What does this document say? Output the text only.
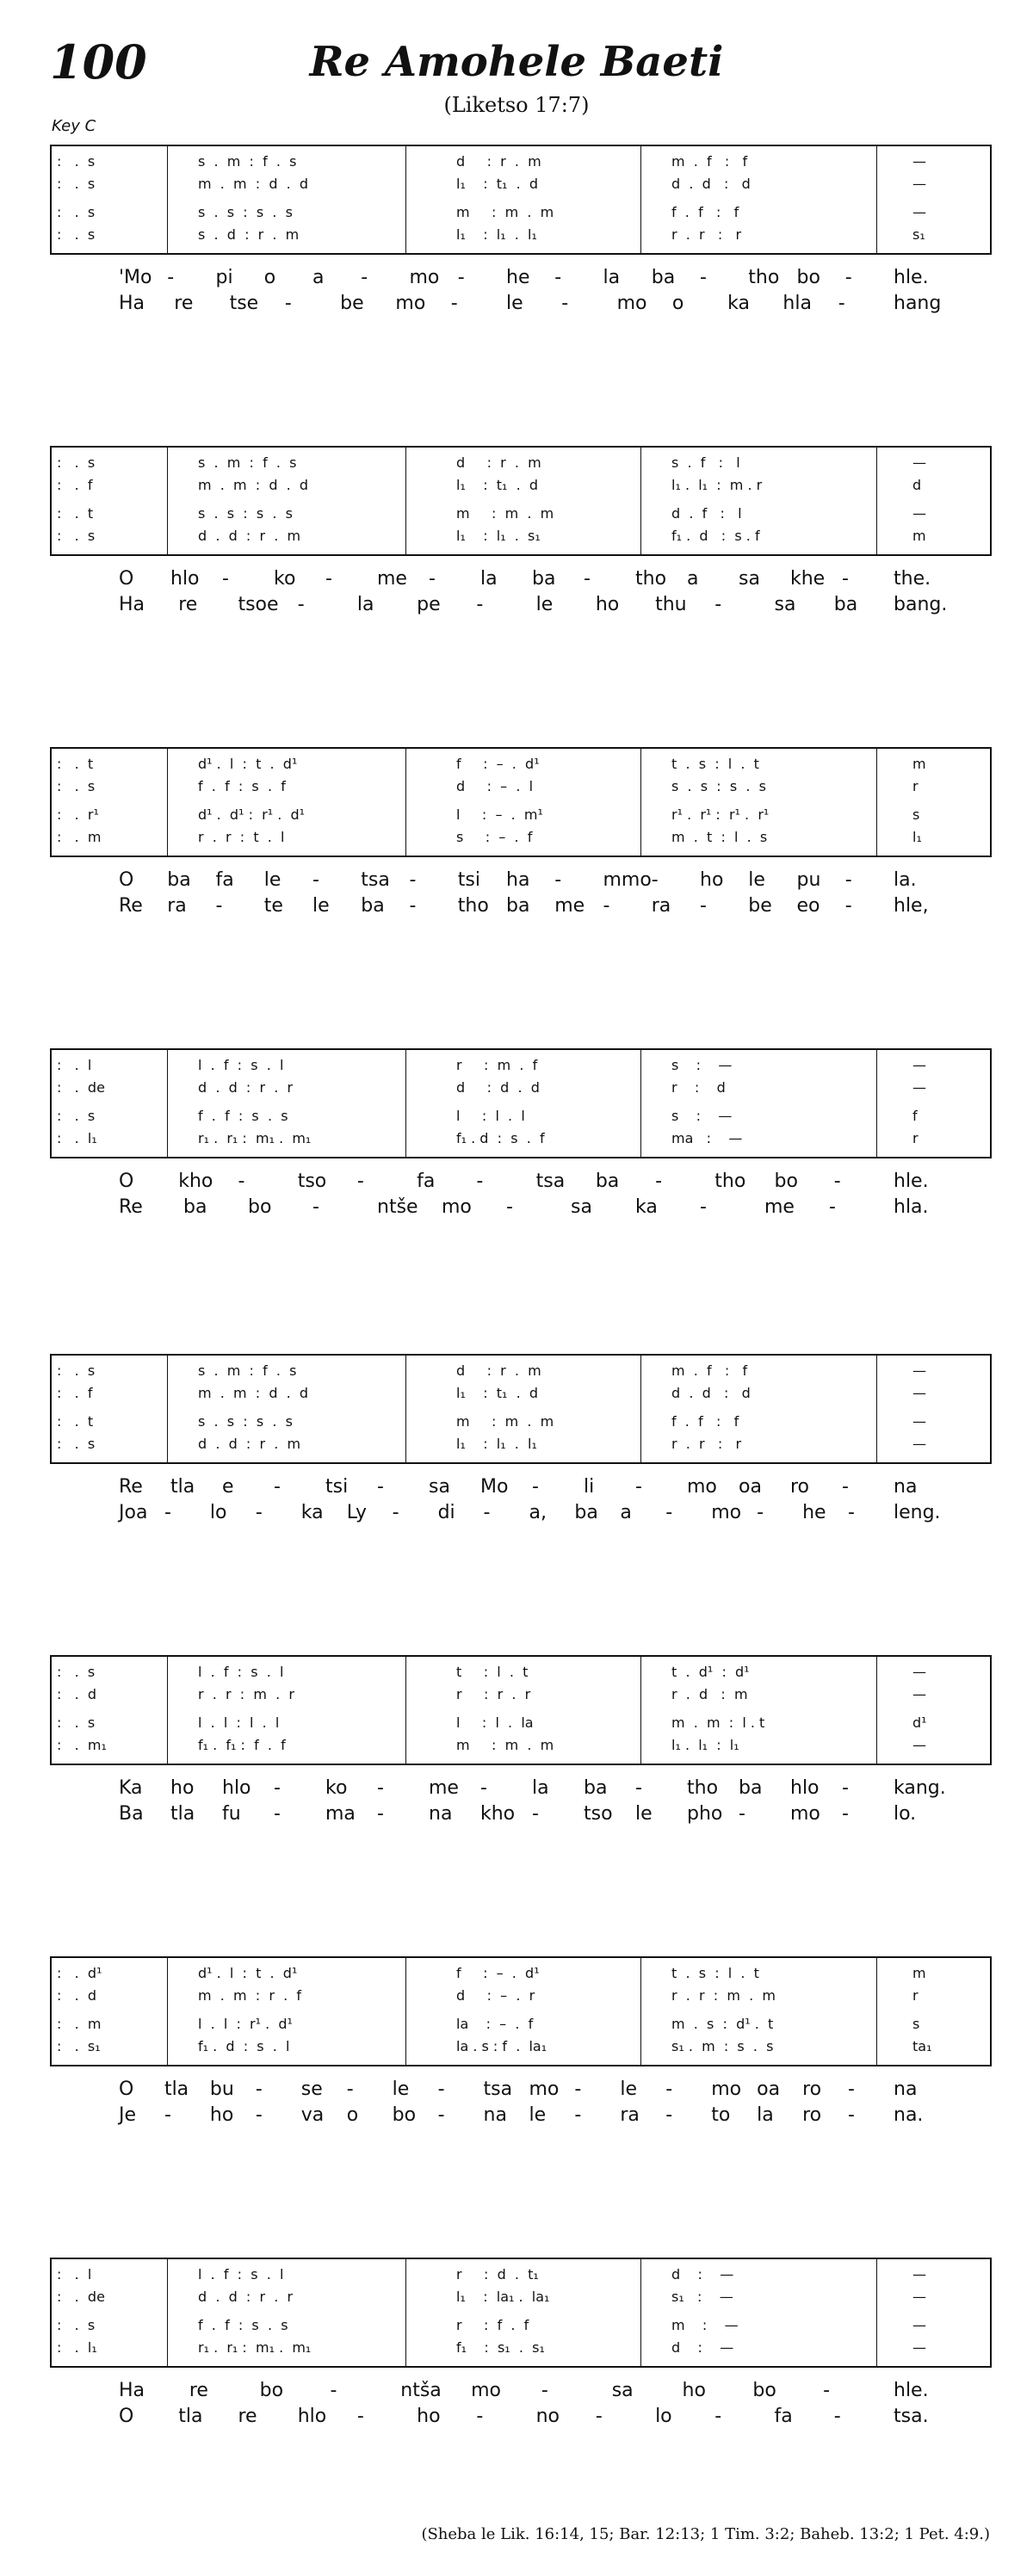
100	Re Amohele Baeti
(Liketso 17:7)
Key C
:   .  s	s  .  m  :  f  .  s	d     :  r  .  m	m  .  f   :   f	—
:   .  s	m  .  m  :  d  .  d	l₁    :  t₁  .  d	d  .  d   :   d	—
:   .  s	s  .  s  :  s  .  s	m     :  m  .  m	f  .  f   :   f	—
:   .  s	s  .  d  :  r  .  m	l₁    :  l₁  .  l₁	r  .  r   :   r	s₁
'Mo - pi o a - mo - he - la ba - tho bo - hle.
Ha re tse -	be mo -	le -	mo o ka hla -	hang
:   .  s	s  .  m  :  f  .  s	d     :  r  .  m	s  .  f   :   l	—
:   .  f	m  .  m  :  d  .  d	l₁    :  t₁  .  d	l₁ .  l₁  :  m . r	d
:   .  t	s  .  s  :  s  .  s	m     :  m  .  m	d  .  f   :   l	—
:   .  s	d  .  d  :  r  .  m	l₁    :  l₁  .  s₁	f₁ .  d   :  s . f	m
O hlo - ko - me - la ba - tho a sa khe - the.
Ha re tsoe -	la pe -	le ho thu -	sa ba bang.
:   .  t	d¹ .  l  :  t  .  d¹	f     :  –  .  d¹	t  .  s  :  l  .  t	m
:   .  s	f  .  f  :  s  .  f	d     :  –  .  l	s  .  s  :  s  .  s	r
:   .  r¹	d¹ .  d¹ :  r¹ .  d¹	l     :  –  .  m¹	r¹ .  r¹ :  r¹ .  r¹	s
:   .  m	r  .  r  :  t  .  l	s     :  –  .  f	m  .  t  :  l  .  s	l₁
O ba fa le - tsa - tsi ha - mmo - ho le pu - la.
Re ra - te le ba - tho ba me - ra - be eo - hle,
:   .  l	l  .  f  :  s  .  l	r     :  m  .  f	s    :    —	—
:   .  de	d  .  d  :  r  .  r	d     :  d  .  d	r    :    d	—
:   .  s	f  .  f  :  s  .  s	l     :  l  .  l	s    :    —	f
:   .  l₁	r₁ .  r₁ :  m₁ .  m₁	f₁ . d  :  s  .  f	ma   :    —	r
O kho -	tso -	fa -	tsa ba -	tho bo -	hle.
Re ba bo -	ntše mo -	sa ka -	me -	hla.
:   .  s	s  .  m  :  f  .  s	d     :  r  .  m	m  .  f   :   f	—
:   .  f	m  .  m  :  d  .  d	l₁    :  t₁  .  d	d  .  d   :   d	—
:   .  t	s  .  s  :  s  .  s	m     :  m  .  m	f  .  f   :   f	—
:   .  s	d  .  d  :  r  .  m	l₁    :  l₁  .  l₁	r  .  r   :   r	—
Re tla e - tsi - sa Mo - li - mo oa ro - na
Joa - lo - ka Ly - di - a, ba a - mo - he - leng.
:   .  s	l  .  f  :  s  .  l	t     :  l  .  t	t  .  d¹  :  d¹	—
:   .  d	r  .  r  :  m  .  r	r     :  r  .  r	r  .  d   :  m	—
:   .  s	l  .  l  :  l  .  l	l     :  l  .  la	m  .  m  :  l . t	d¹
:   .  m₁	f₁ .  f₁ :  f  .  f	m     :  m  .  m	l₁ .  l₁  :  l₁	—
Ka ho hlo - ko - me - la ba - tho ba hlo - kang.
Ba tla fu - ma - na kho - tso le pho - mo - lo.
:   .  d¹	d¹ .  l  :  t  .  d¹	f     :  –  .  d¹	t  .  s  :  l  .  t	m
:   .  d	m  .  m  :  r  .  f	d     :  –  .  r	r  .  r  :  m  .  m	r
:   .  m	l  .  l  :  r¹ .  d¹	la    :  –  .  f	m  .  s  :  d¹ .  t	s
:   .  s₁	f₁ .  d  :  s  .  l	la . s : f  .  la₁	s₁ .  m  :  s  .  s	ta₁
O tla bu - se - le - tsa mo - le - mo oa ro - na
Je - ho - va o bo - na le - ra - to la ro - na.
:   .  l	l  .  f  :  s  .  l	r     :  d  .  t₁	d    :    —	—
:   .  de	d  .  d  :  r  .  r	l₁    :  la₁ .  la₁	s₁   :    —	—
:   .  s	f  .  f  :  s  .  s	r     :  f  .  f	m    :    —	—
:   .  l₁	r₁ .  r₁ :  m₁ .  m₁	f₁    :  s₁  .  s₁	d    :    —	—
Ha re	bo -	ntša mo -	sa	ho bo -	hle.
O tla re hlo -	ho -	no -	lo -	fa -	tsa.
(Sheba le Lik. 16:14, 15; Bar. 12:13; 1 Tim. 3:2; Baheb. 13:2; 1 Pet. 4:9.)
